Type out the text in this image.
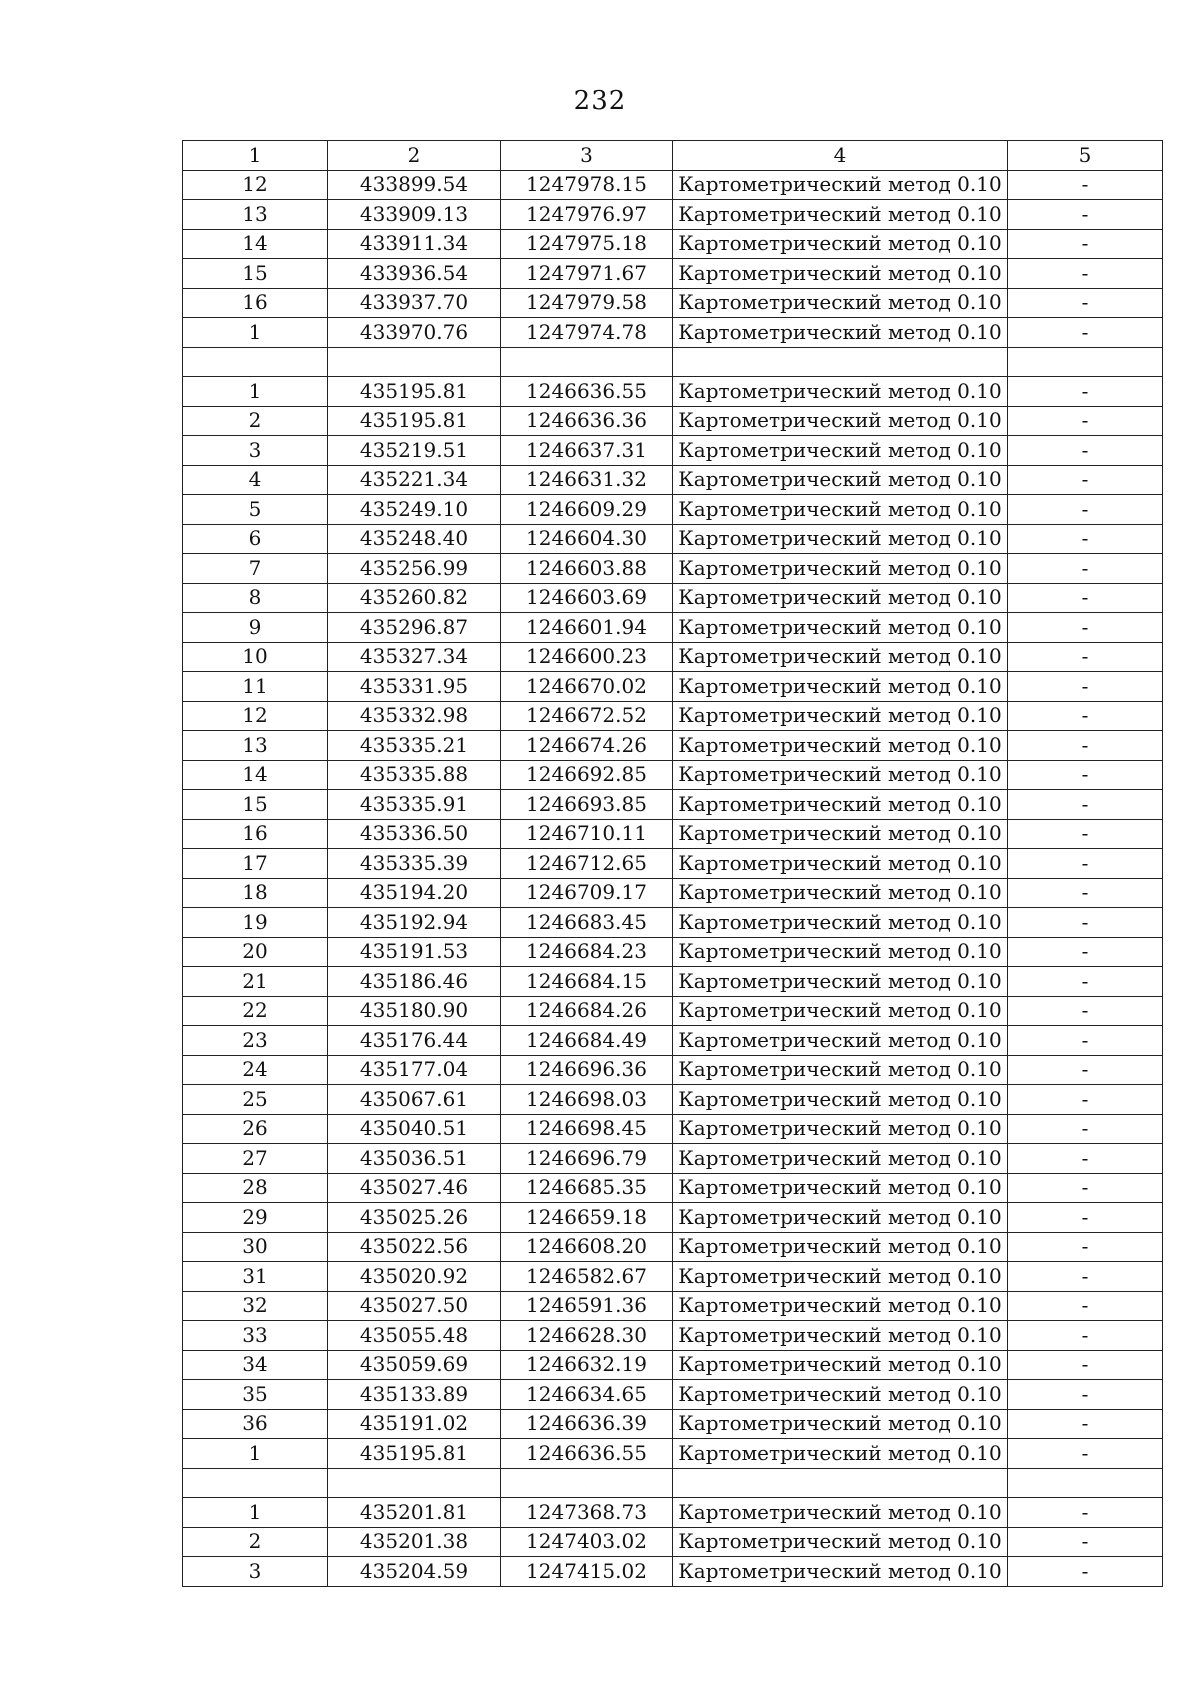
232
1	2	3	4	5
12	433899.54	1247978.15	Картометрический метод 0.10	-
13	433909.13	1247976.97	Картометрический метод 0.10	-
14	433911.34	1247975.18	Картометрический метод 0.10	-
15	433936.54	1247971.67	Картометрический метод 0.10	-
16	433937.70	1247979.58	Картометрический метод 0.10	-
1	433970.76	1247974.78	Картометрический метод 0.10	-

1	435195.81	1246636.55	Картометрический метод 0.10	-
2	435195.81	1246636.36	Картометрический метод 0.10	-
3	435219.51	1246637.31	Картометрический метод 0.10	-
4	435221.34	1246631.32	Картометрический метод 0.10	-
5	435249.10	1246609.29	Картометрический метод 0.10	-
6	435248.40	1246604.30	Картометрический метод 0.10	-
7	435256.99	1246603.88	Картометрический метод 0.10	-
8	435260.82	1246603.69	Картометрический метод 0.10	-
9	435296.87	1246601.94	Картометрический метод 0.10	-
10	435327.34	1246600.23	Картометрический метод 0.10	-
11	435331.95	1246670.02	Картометрический метод 0.10	-
12	435332.98	1246672.52	Картометрический метод 0.10	-
13	435335.21	1246674.26	Картометрический метод 0.10	-
14	435335.88	1246692.85	Картометрический метод 0.10	-
15	435335.91	1246693.85	Картометрический метод 0.10	-
16	435336.50	1246710.11	Картометрический метод 0.10	-
17	435335.39	1246712.65	Картометрический метод 0.10	-
18	435194.20	1246709.17	Картометрический метод 0.10	-
19	435192.94	1246683.45	Картометрический метод 0.10	-
20	435191.53	1246684.23	Картометрический метод 0.10	-
21	435186.46	1246684.15	Картометрический метод 0.10	-
22	435180.90	1246684.26	Картометрический метод 0.10	-
23	435176.44	1246684.49	Картометрический метод 0.10	-
24	435177.04	1246696.36	Картометрический метод 0.10	-
25	435067.61	1246698.03	Картометрический метод 0.10	-
26	435040.51	1246698.45	Картометрический метод 0.10	-
27	435036.51	1246696.79	Картометрический метод 0.10	-
28	435027.46	1246685.35	Картометрический метод 0.10	-
29	435025.26	1246659.18	Картометрический метод 0.10	-
30	435022.56	1246608.20	Картометрический метод 0.10	-
31	435020.92	1246582.67	Картометрический метод 0.10	-
32	435027.50	1246591.36	Картометрический метод 0.10	-
33	435055.48	1246628.30	Картометрический метод 0.10	-
34	435059.69	1246632.19	Картометрический метод 0.10	-
35	435133.89	1246634.65	Картометрический метод 0.10	-
36	435191.02	1246636.39	Картометрический метод 0.10	-
1	435195.81	1246636.55	Картометрический метод 0.10	-

1	435201.81	1247368.73	Картометрический метод 0.10	-
2	435201.38	1247403.02	Картометрический метод 0.10	-
3	435204.59	1247415.02	Картометрический метод 0.10	-
